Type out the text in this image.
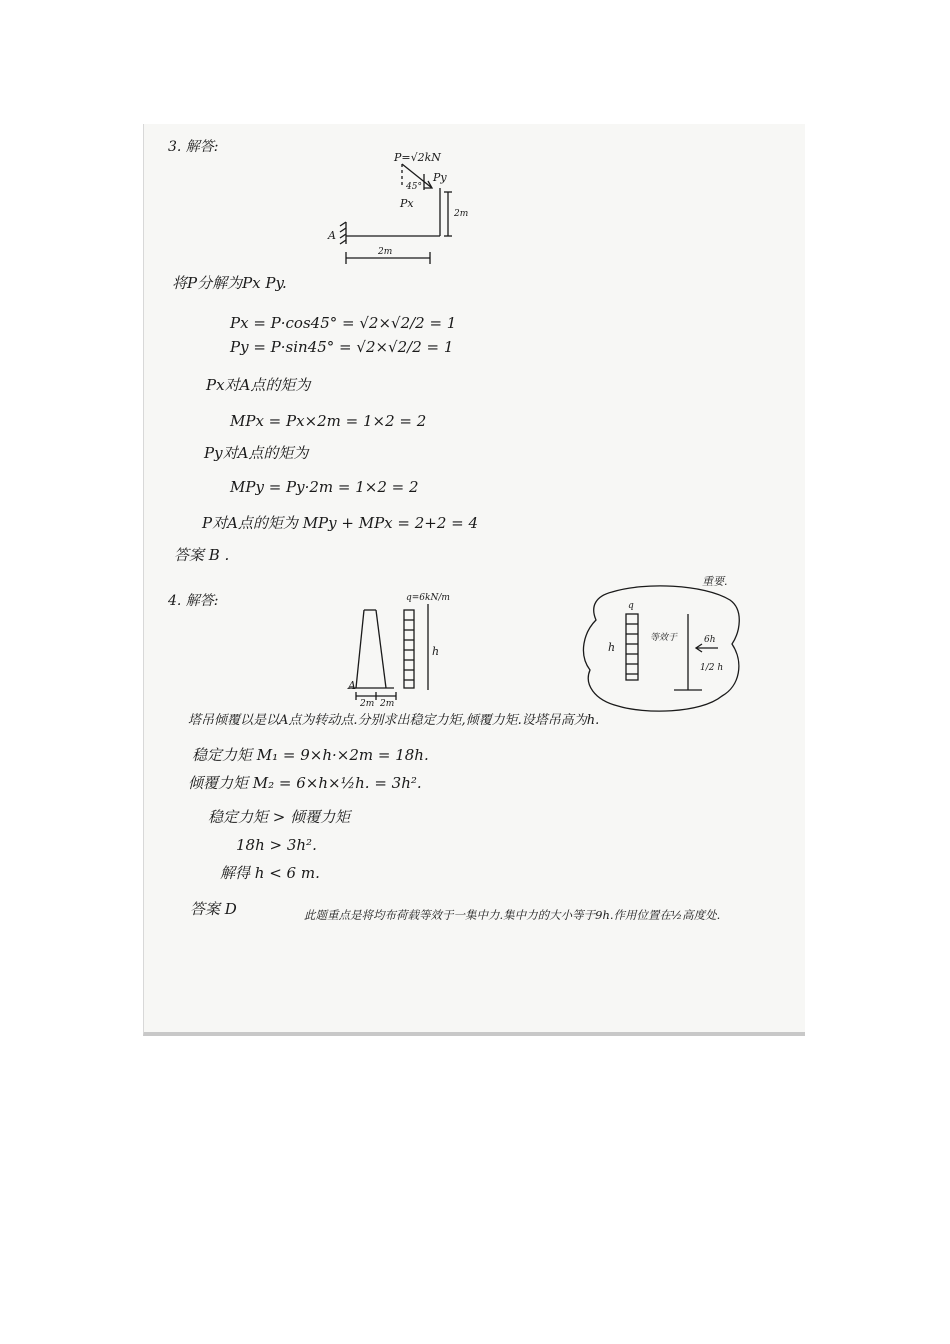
3. 解答:
P=√2kN
Py
45°
Px
2m
A
2m
将P分解为Px Py.
Px = P·cos45° = √2×√2/2 = 1
Py = P·sin45° = √2×√2/2 = 1
Px对A点的矩为
MPx = Px×2m = 1×2 = 2
Py对A点的矩为
MPy = Py·2m = 1×2 = 2
P对A点的矩为 MPy + MPx = 2+2 = 4
答案 B .
4. 解答:	q=6kN/m
h
A
2m 2m
重要.
q
h
等效于	6h
1/2 h
塔吊倾覆以是以A点为转动点.分别求出稳定力矩,倾覆力矩.设塔吊高为h.
稳定力矩 M₁ = 9×h·×2m = 18h.
倾覆力矩 M₂ = 6×h×½h. = 3h².
稳定力矩 > 倾覆力矩
18h > 3h².
解得 h < 6 m.
答案 D	此题重点是将均布荷载等效于一集中力.集中力的大小等于9h.作用位置在½高度处.
